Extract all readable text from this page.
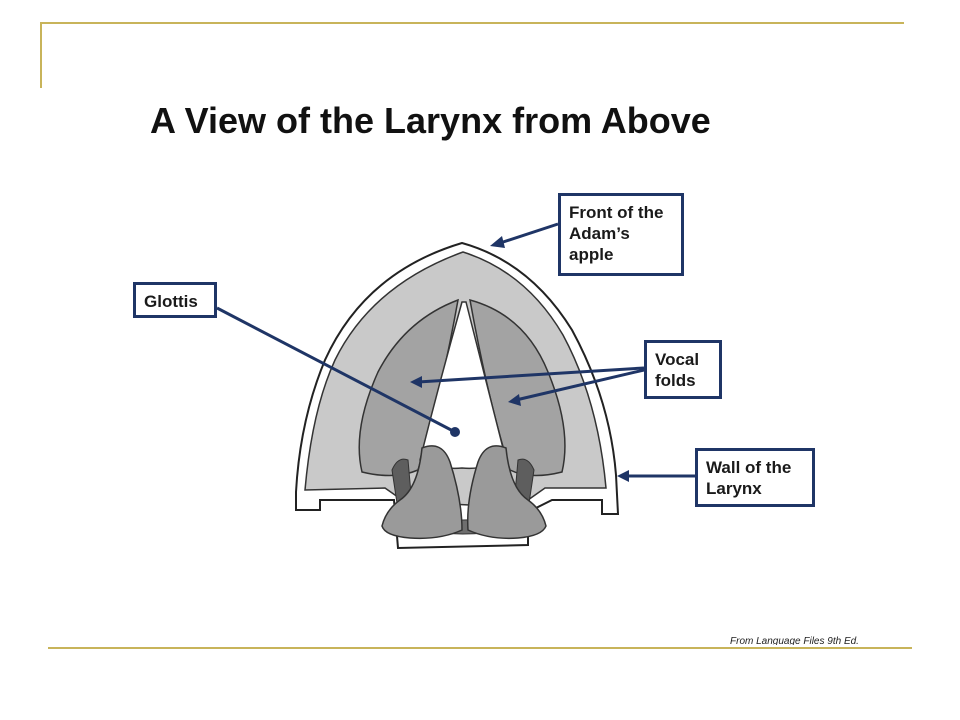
A View of the Larynx from Above
Front of the
Adam’s
apple
Glottis
Vocal
folds
Wall of the
Larynx
From Language Files 9th Ed.
